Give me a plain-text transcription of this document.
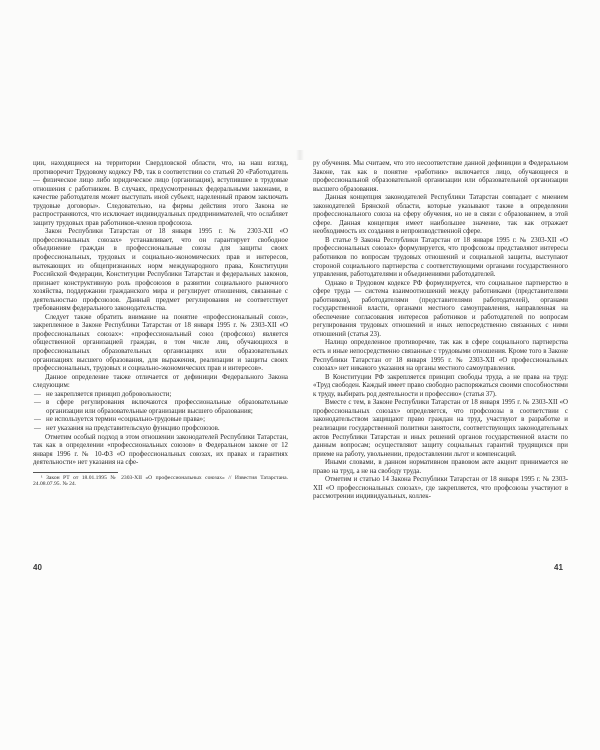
ции, находящиеся на территории Свердловской области, что, на наш взгляд, противоречит Трудовому кодексу РФ, так в соответствии со статьей 20 «Работодатель — физическое лицо либо юридическое лицо (организация), вступившее в трудовые отношения с работником. В случаях, предусмотренных федеральными законами, в качестве работодателя может выступать иной субъект, наделенный правом заключать трудовые договоры». Следовательно, на фирмы действия этого Закона не распространяются, что исключает индивидуальных предпринимателей, что ослабляет защиту трудовых прав работников-членов профсоюза.

Закон Республики Татарстан от 18 января 1995 г. № 2303-XII «О профессиональных союзах» устанавливает, что он гарантирует свободное объединение граждан в профессиональные союзы для защиты своих профессиональных, трудовых и социально-экономических прав и интересов, вытекающих из общепризнанных норм международного права, Конституции Российской Федерации, Конституции Республики Татарстан и федеральных законов, признает конструктивную роль профсоюзов в развитии социального рыночного хозяйства, поддержании гражданского мира и регулирует отношения, связанные с деятельностью профсоюзов. Данный предмет регулирования не соответствует требованиям федерального законодательства.

Следует также обратить внимание на понятие «профессиональный союз», закрепленное в Законе Республики Татарстан от 18 января 1995 г. № 2303-XII «О профессиональных союзах»: «профессиональный союз (профсоюз) является общественной организацией граждан, в том числе лиц, обучающихся в профессиональных образовательных организациях или образовательных организациях высшего образования, для выражения, реализации и защиты своих профессиональных, трудовых и социально-экономических прав и интересов».

Данное определение также отличается от дефиниции Федерального Закона следующим:

— не закрепляется принцип добровольности;
— в сфере регулирования включаются профессиональные образовательные организации или образовательные организации высшего образования;
— не используется термин «социально-трудовые права»;
— нет указания на представительскую функцию профсоюзов.

Отметим особый подход в этом отношении законодателей Республики Татарстан, так как в определении «профессиональных союзов» в Федеральном законе от 12 января 1996 г. № 10-ФЗ «О профессиональных союзах, их правах и гарантиях деятельности» нет указания на сфе-

¹ Закон РТ от 18.01.1995 № 2303-XII «О профессиональных союзах» // Известия Татарстана. 24.08.07.95. № 24.

ру обучения. Мы считаем, что это несоответствие данной дефиниции в Федеральном Законе, так как в понятие «работник» включается лицо, обучающееся в профессиональной образовательной организации или образовательной организации высшего образования.

Данная концепция законодателей Республики Татарстан совпадает с мнением законодателей Брянской области, которые указывают также в определении профессионального союза на сферу обучения, но не в связи с образованием, в этой сфере. Данная концепция имеет наибольшее значение, так как отражает необходимость их создания в непроизводственной сфере.

В статье 9 Закона Республики Татарстан от 18 января 1995 г. № 2303-XII «О профессиональных союзах» формулируется, что профсоюзы представляют интересы работников по вопросам трудовых отношений и социальной защиты, выступают стороной социального партнерства с соответствующими органами государственного управления, работодателями и объединениями работодателей.

Однако в Трудовом кодексе РФ формулируется, что социальное партнерство в сфере труда — система взаимоотношений между работниками (представителями работников), работодателями (представителями работодателей), органами государственной власти, органами местного самоуправления, направленная на обеспечение согласования интересов работников и работодателей по вопросам регулирования трудовых отношений и иных непосредственно связанных с ними отношений (статья 23).

Налицо определенное противоречие, так как в сфере социального партнерства есть и иные непосредственно связанные с трудовыми отношения. Кроме того в Законе Республики Татарстан от 18 января 1995 г. № 2303-XII «О профессиональных союзах» нет никакого указания на органы местного самоуправления.

В Конституции РФ закрепляется принцип свободы труда, а не права на труд: «Труд свободен. Каждый имеет право свободно распоряжаться своими способностями к труду, выбирать род деятельности и профессию» (статья 37).

Вместе с тем, в Законе Республики Татарстан от 18 января 1995 г. № 2303-XII «О профессиональных союзах» определяется, что профсоюзы в соответствии с законодательством защищают право граждан на труд, участвуют в разработке и реализации государственной политики занятости, соответствующих законодательных актов Республики Татарстан и иных решений органов государственной власти по данным вопросам; осуществляют защиту социальных гарантий трудящихся при приеме на работу, увольнении, предоставлении льгот и компенсаций.

Иными словами, в данном нормативном правовом акте акцент принимается не право на труд, а не на свободу труда.

Отметим и статью 14 Закона Республики Татарстан от 18 января 1995 г. № 2303-XII «О профессиональных союзах», где закрепляется, что профсоюзы участвуют в рассмотрении индивидуальных, коллек-

40	41
